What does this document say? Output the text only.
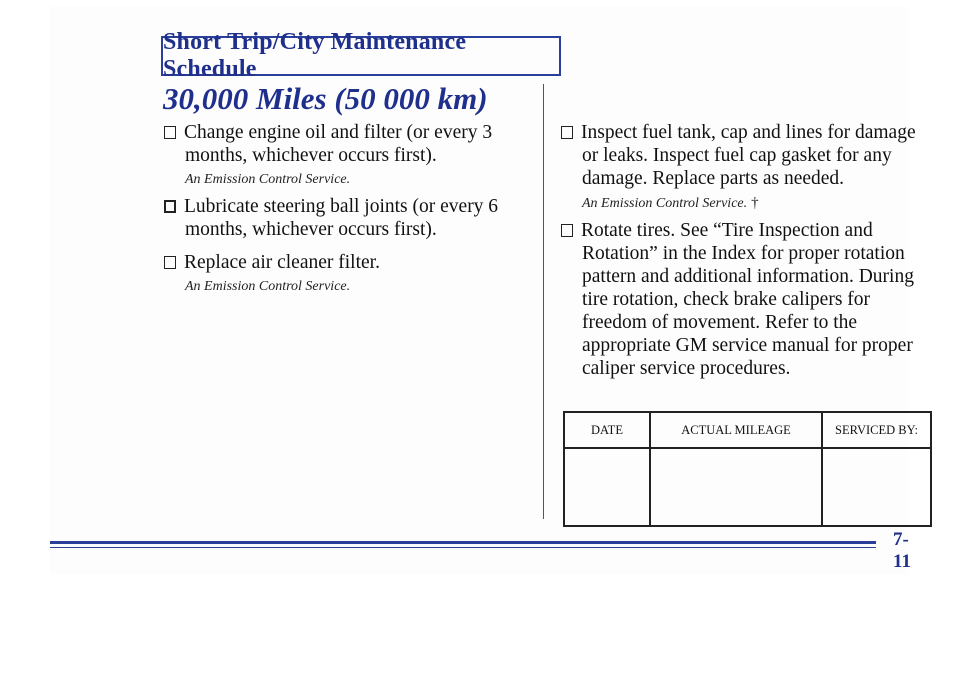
Short Trip/City Maintenance Schedule
30,000 Miles (50 000 km)
Change engine oil and filter (or every 3 months, whichever occurs first).
An Emission Control Service.
Lubricate steering ball joints (or every 6 months, whichever occurs first).
Replace air cleaner filter.
An Emission Control Service.
Inspect fuel tank, cap and lines for damage or leaks. Inspect fuel cap gasket for any damage. Replace parts as needed.
An Emission Control Service. †
Rotate tires. See “Tire Inspection and Rotation” in the Index for proper rotation pattern and additional information. During tire rotation, check brake calipers for freedom of movement. Refer to the appropriate GM service manual for proper caliper service procedures.
DATE	ACTUAL MILEAGE	SERVICED BY:

7-11
